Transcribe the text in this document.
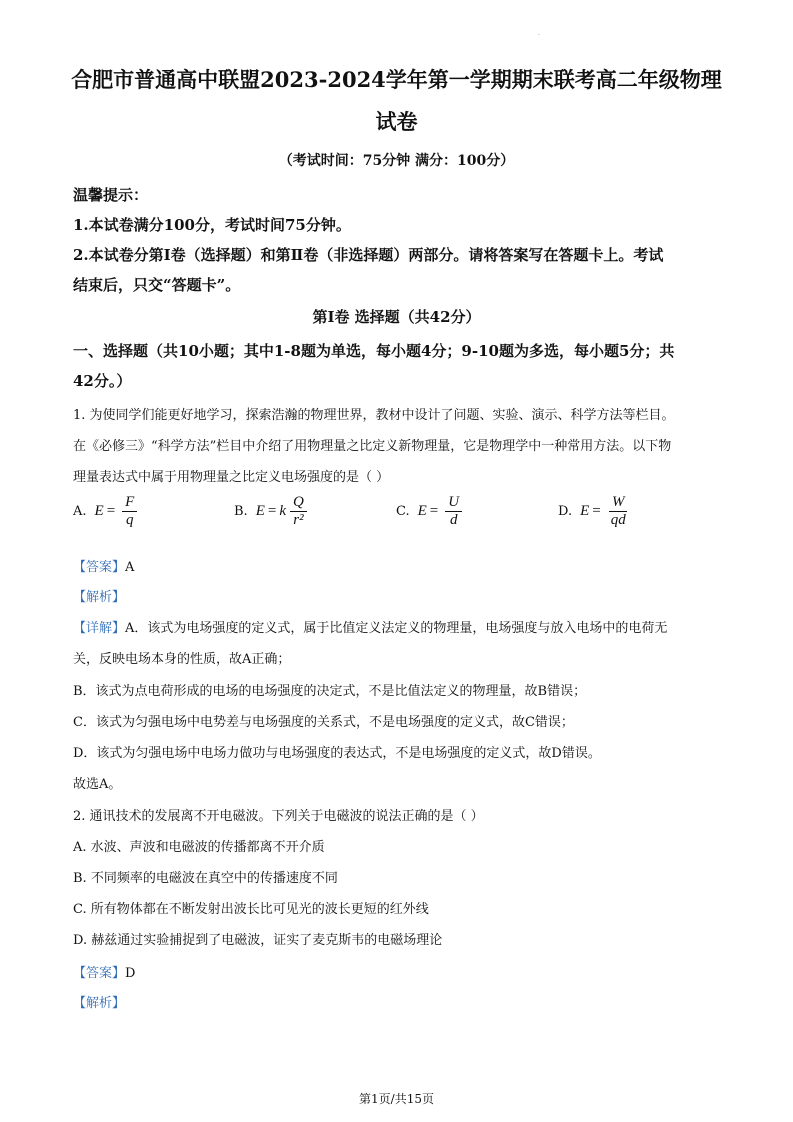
.
合肥市普通高中联盟2023-2024学年第一学期期末联考高二年级物理
试卷
（考试时间：75分钟 满分：100分）
温馨提示：
1.本试卷满分100分，考试时间75分钟。
2.本试卷分第Ⅰ卷（选择题）和第Ⅱ卷（非选择题）两部分。请将答案写在答题卡上。考试
结束后，只交“答题卡”。
第Ⅰ卷 选择题（共42分）
一、选择题（共10小题；其中1-8题为单选，每小题4分；9-10题为多选，每小题5分；共
42分。）
1. 为使同学们能更好地学习，探索浩瀚的物理世界，教材中设计了问题、实验、演示、科学方法等栏目。
在《必修三》“科学方法”栏目中介绍了用物理量之比定义新物理量，它是物理学中一种常用方法。以下物
理量表达式中属于用物理量之比定义电场强度的是（ ）
A. $E = \frac{F}{q}$	B. E = k $\frac{Q}{\text{r²}}$	C. $E = \frac{U}{d}$	D. $E = \frac{W}{qd}$
【答案】A
【解析】
【详解】A．该式为电场强度的定义式，属于比值定义法定义的物理量，电场强度与放入电场中的电荷无
关，反映电场本身的性质，故A正确；
B．该式为点电荷形成的电场的电场强度的决定式，不是比值法定义的物理量，故B错误；
C．该式为匀强电场中电势差与电场强度的关系式，不是电场强度的定义式，故C错误；
D．该式为匀强电场中电场力做功与电场强度的表达式，不是电场强度的定义式，故D错误。
故选A。
2. 通讯技术的发展离不开电磁波。下列关于电磁波的说法正确的是（ ）
A. 水波、声波和电磁波的传播都离不开介质
B. 不同频率的电磁波在真空中的传播速度不同
C. 所有物体都在不断发射出波长比可见光的波长更短的红外线
D. 赫兹通过实验捕捉到了电磁波，证实了麦克斯韦的电磁场理论
【答案】D
【解析】
第1页/共15页
